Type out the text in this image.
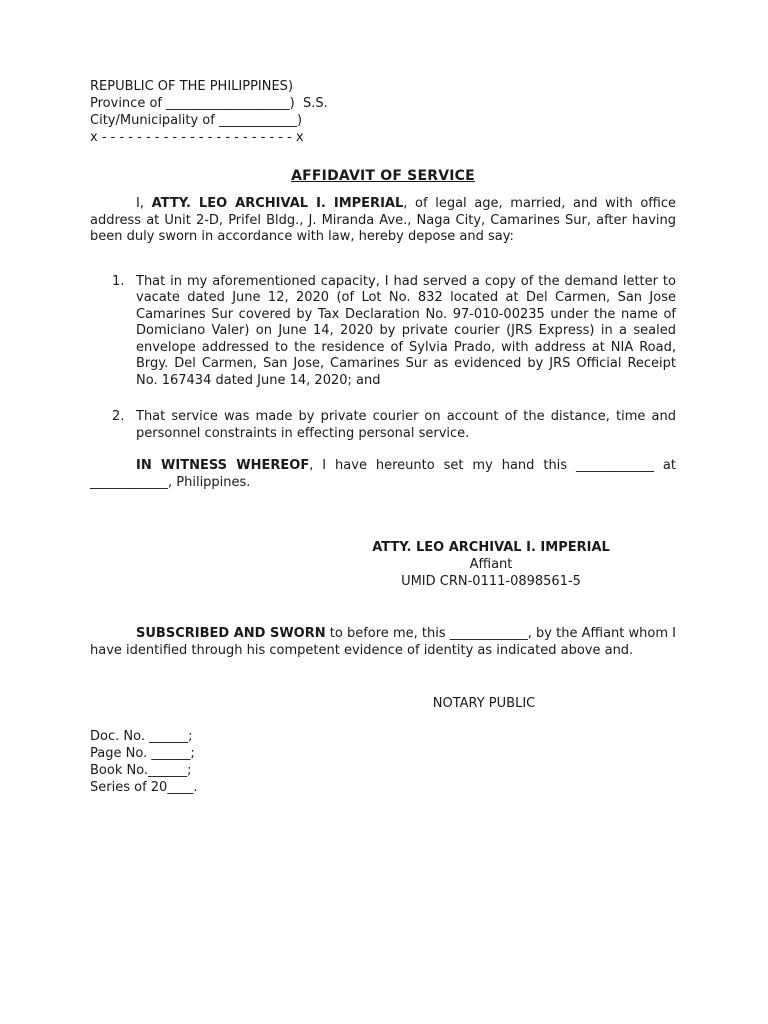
REPUBLIC OF THE PHILIPPINES)
Province of ___________________)  S.S.
City/Municipality of ____________)
x - - - - - - - - - - - - - - - - - - - - - - x
AFFIDAVIT OF SERVICE

I, ATTY. LEO ARCHIVAL I. IMPERIAL, of legal age, married, and with office address at Unit 2-D, Prifel Bldg., J. Miranda Ave., Naga City, Camarines Sur, after having been duly sworn in accordance with law, hereby depose and say:

1. That in my aforementioned capacity, I had served a copy of the demand letter to vacate dated June 12, 2020 (of Lot No. 832 located at Del Carmen, San Jose Camarines Sur covered by Tax Declaration No. 97-010-00235 under the name of Domiciano Valer) on June 14, 2020 by private courier (JRS Express) in a sealed envelope addressed to the residence of Sylvia Prado, with address at NIA Road, Brgy. Del Carmen, San Jose, Camarines Sur as evidenced by JRS Official Receipt No. 167434 dated June 14, 2020; and
2. That service was made by private courier on account of the distance, time and personnel constraints in effecting personal service.

IN WITNESS WHEREOF, I have hereunto set my hand this ____________ at ____________, Philippines.

ATTY. LEO ARCHIVAL I. IMPERIAL
Affiant
UMID CRN-0111-0898561-5

SUBSCRIBED AND SWORN to before me, this ____________, by the Affiant whom I have identified through his competent evidence of identity as indicated above and.

NOTARY PUBLIC
Doc. No. ______;
Page No. ______;
Book No.______;
Series of 20____.
